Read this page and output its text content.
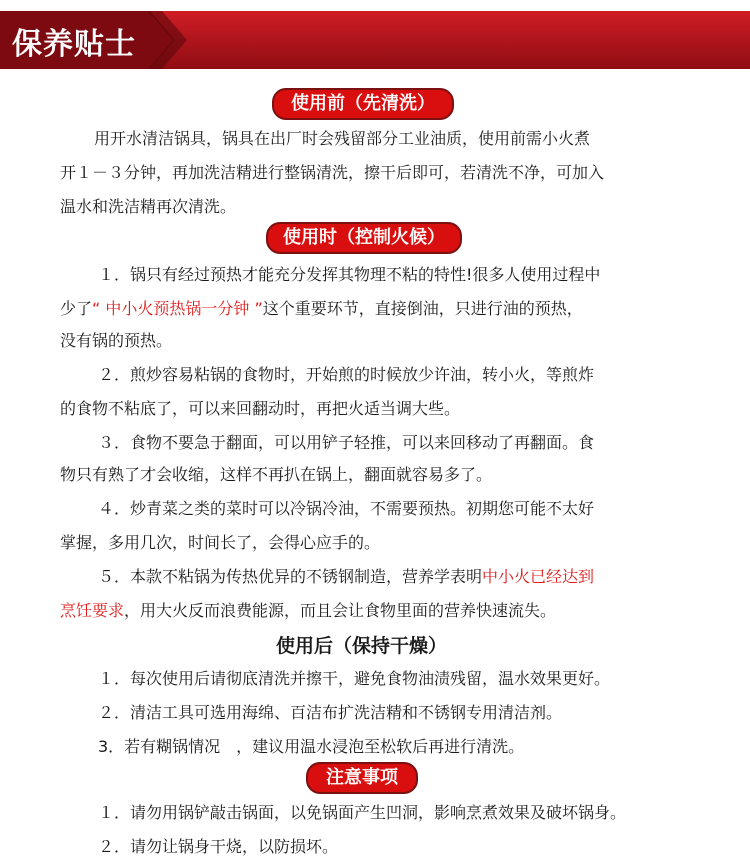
保养贴士
使用前（先清洗）
用开水清洁锅具，锅具在出厂时会残留部分工业油质，使用前需小火煮
开１－３分钟，再加洗洁精进行整锅清洗，擦干后即可，若清洗不净，可加入
温水和洗洁精再次清洗。
使用时（控制火候）
１．锅只有经过预热才能充分发挥其物理不粘的特性!很多人使用过程中
少了“ 中小火预热锅一分钟 ”这个重要环节，直接倒油，只进行油的预热，
没有锅的预热。
２．煎炒容易粘锅的食物时，开始煎的时候放少许油，转小火，等煎炸
的食物不粘底了，可以来回翻动时，再把火适当调大些。
３．食物不要急于翻面，可以用铲子轻推，可以来回移动了再翻面。食
物只有熟了才会收缩，这样不再扒在锅上，翻面就容易多了。
４．炒青菜之类的菜时可以冷锅冷油，不需要预热。初期您可能不太好
掌握，多用几次，时间长了，会得心应手的。
５．本款不粘锅为传热优异的不锈钢制造，营养学表明中小火已经达到
烹饪要求，用大火反而浪费能源，而且会让食物里面的营养快速流失。
使用后（保持干燥）
１．每次使用后请彻底清洗并擦干，避免食物油渍残留，温水效果更好。
２．清洁工具可选用海绵、百洁布扩洗洁精和不锈钢专用清洁剂。
3．若有糊锅情况　，建议用温水浸泡至松软后再进行清洗。
注意事项
１．请勿用锅铲敲击锅面，以免锅面产生凹洞，影响烹煮效果及破坏锅身。
２．请勿让锅身干烧，以防损坏。
